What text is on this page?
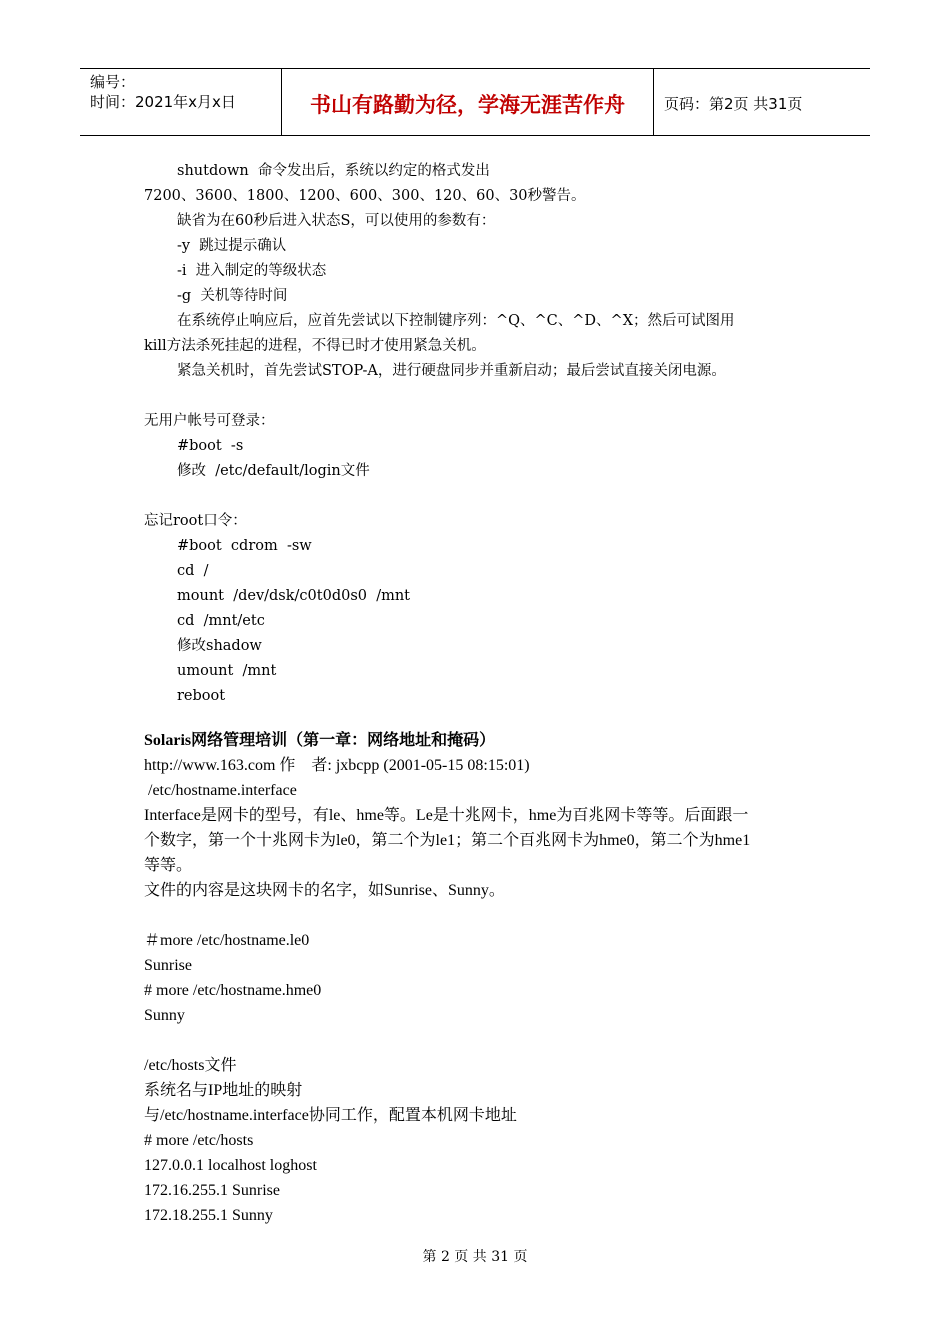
编号：
时间：2021年x月x日	书山有路勤为径，学海无涯苦作舟	页码：第2页 共31页
shutdown  命令发出后，系统以约定的格式发出
7200、3600、1800、1200、600、300、120、60、30秒警告。
缺省为在60秒后进入状态S，可以使用的参数有：
-y  跳过提示确认
-i  进入制定的等级状态
-g  关机等待时间
在系统停止响应后，应首先尝试以下控制键序列：^Q、^C、^D、^X；然后可试图用
kill方法杀死挂起的进程，不得已时才使用紧急关机。
紧急关机时，首先尝试STOP-A，进行硬盘同步并重新启动；最后尝试直接关闭电源。
无用户帐号可登录：
#boot  -s
修改  /etc/default/login文件
忘记root口令：
#boot  cdrom  -sw
cd  /
mount  /dev/dsk/c0t0d0s0  /mnt
cd  /mnt/etc
修改shadow
umount  /mnt
reboot
Solaris网络管理培训（第一章：网络地址和掩码）
http://www.163.com 作　者: jxbcpp (2001-05-15 08:15:01)
/etc/hostname.interface
Interface是网卡的型号，有le、hme等。Le是十兆网卡，hme为百兆网卡等等。后面跟一
个数字，第一个十兆网卡为le0，第二个为le1；第二个百兆网卡为hme0，第二个为hme1
等等。
文件的内容是这块网卡的名字，如Sunrise、Sunny。
＃more /etc/hostname.le0
Sunrise
# more /etc/hostname.hme0
Sunny
/etc/hosts文件
系统名与IP地址的映射
与/etc/hostname.interface协同工作，配置本机网卡地址
# more /etc/hosts
127.0.0.1 localhost loghost
172.16.255.1 Sunrise
172.18.255.1 Sunny
第 2 页 共 31 页
